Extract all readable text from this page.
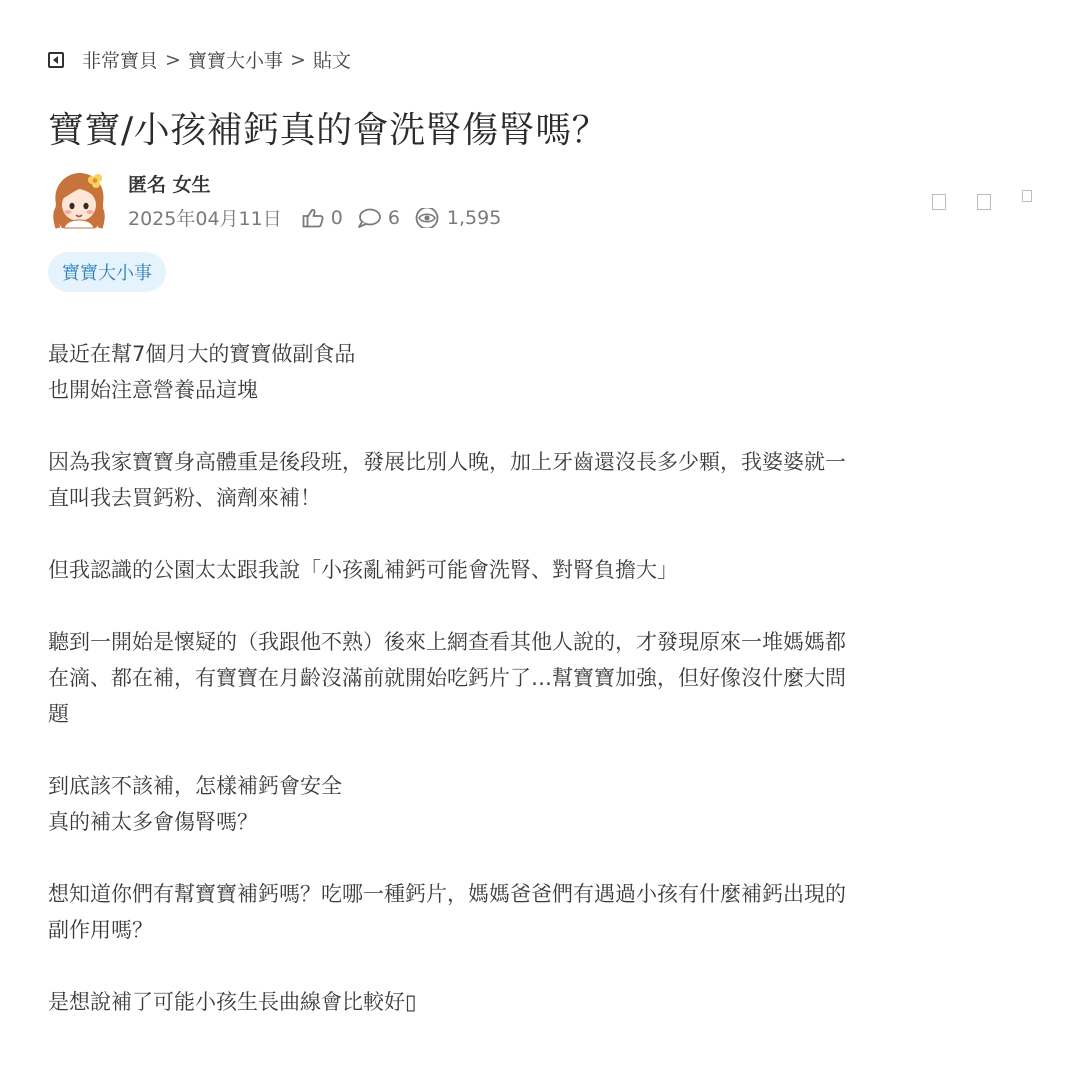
非常寶貝 > 寶寶大小事 > 貼文
寶寶/小孩補鈣真的會洗腎傷腎嗎？
匿名 女生
2025年04月11日	0 6 1,595
寶寶大小事

最近在幫7個月大的寶寶做副食品
也開始注意營養品這塊

因為我家寶寶身高體重是後段班，發展比別人晚，加上牙齒還沒長多少顆，我婆婆就一
直叫我去買鈣粉、滴劑來補！

但我認識的公園太太跟我說「小孩亂補鈣可能會洗腎、對腎負擔大」

聽到一開始是懷疑的（我跟他不熟）後來上網查看其他人說的，才發現原來一堆媽媽都
在滴、都在補，有寶寶在月齡沒滿前就開始吃鈣片了…幫寶寶加強，但好像沒什麼大問
題

到底該不該補，怎樣補鈣會安全
真的補太多會傷腎嗎？

想知道你們有幫寶寶補鈣嗎？吃哪一種鈣片，媽媽爸爸們有遇過小孩有什麼補鈣出現的
副作用嗎？

是想說補了可能小孩生長曲線會比較好▯
